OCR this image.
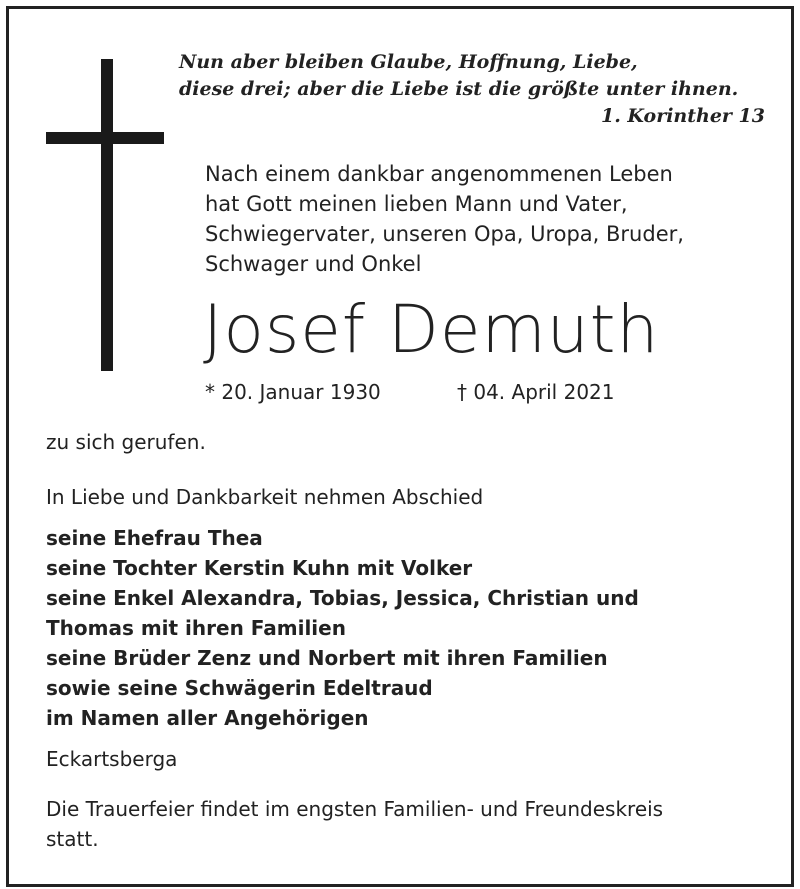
Nun aber bleiben Glaube, Hoffnung, Liebe,
diese drei; aber die Liebe ist die größte unter ihnen.
1. Korinther 13
Nach einem dankbar angenommenen Leben
hat Gott meinen lieben Mann und Vater,
Schwiegervater, unseren Opa, Uropa, Bruder,
Schwager und Onkel
Josef Demuth
* 20. Januar 1930	† 04. April 2021
zu sich gerufen.
In Liebe und Dankbarkeit nehmen Abschied
seine Ehefrau Thea
seine Tochter Kerstin Kuhn mit Volker
seine Enkel Alexandra, Tobias, Jessica, Christian und
Thomas mit ihren Familien
seine Brüder Zenz und Norbert mit ihren Familien
sowie seine Schwägerin Edeltraud
im Namen aller Angehörigen
Eckartsberga
Die Trauerfeier findet im engsten Familien- und Freundeskreis
statt.
